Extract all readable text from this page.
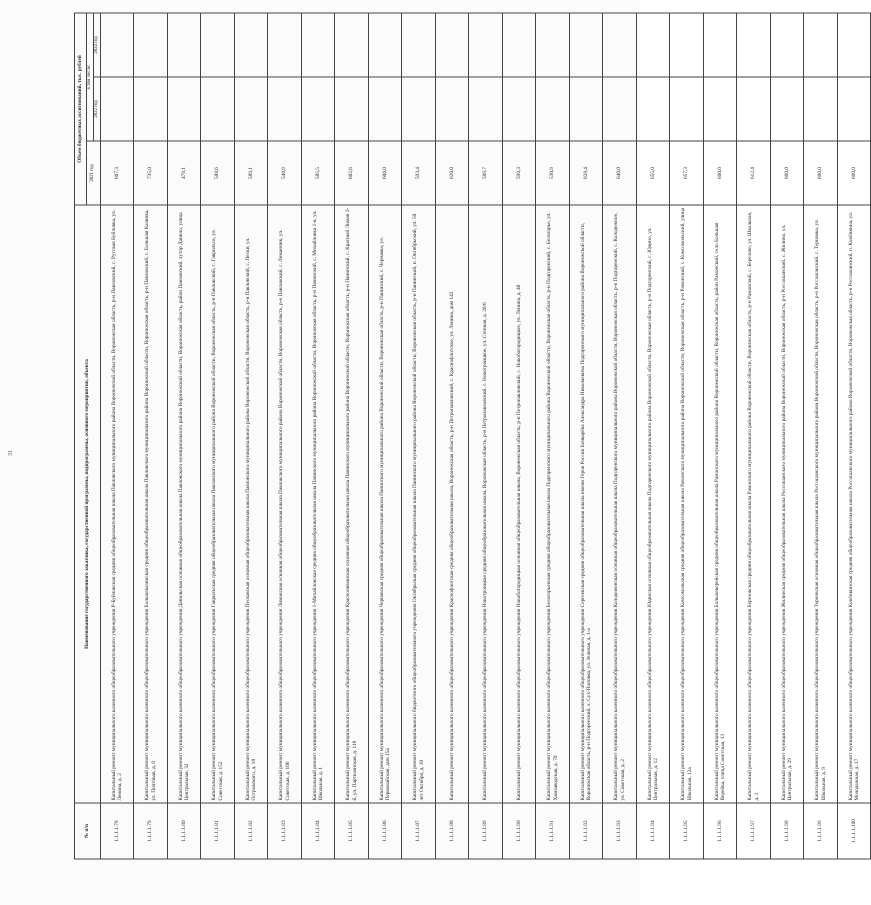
31
№ п/п	Наименование государственного заказчика, государственной программы, подпрограммы, основного мероприятия, объекта	Объем бюджетных ассигнований, тыс. рублей		
		2021 год	в том числе:	
			2022 год	2024 год
1.1.1.1.78	Капитальный ремонт муниципального казенного общеобразовательного учреждения Р-Буйловская средняя общеобразовательная школа Павловского муниципального района Воронежской области, Воронежская область, р-н Павловский, с. Русская Буйловка, ул. Ленина, д. 2	607,3		
1.1.1.1.79	Капитальный ремонт муниципального казенного общеобразовательного учреждения Большеказинская средняя общеобразовательная школа Павловского муниципального района Воронежской области, Воронежская область, р-н Павловский, с. Большая Казинка, ул. Почтовая, д. 8	735,0		
1.1.1.1.80	Капитальный ремонт муниципального казенного общеобразовательного учреждения Данильская основная общеобразовательная школа Павловского муниципального района Воронежской области, Воронежская область, район Павловский, хутор Данило, улица Центральная, 32	479,1		
1.1.1.1.81	Капитальный ремонт муниципального казенного общеобразовательного учреждения Гаврильская средняя общеобразовательная школа Павловского муниципального района Воронежской области, Воронежская область, р-н Павловский, с. Гаврильск, ул. Советская, д. 152	588,6		
1.1.1.1.82	Капитальный ремонт муниципального казенного общеобразовательного учреждения Песковская основная общеобразовательная школа Павловского муниципального района Воронежской области, Воронежская область, р-н Павловский, с. Пески, ул. Островского, д. 18	589,1		
1.1.1.1.83	Капитальный ремонт муниципального казенного общеобразовательного учреждения Лиманская основная общеобразовательная школа Павловского муниципального района Воронежской области, Воронежская область, р-н Павловский, с. Лиманчик, ул. Советская, д. 106	540,9		
1.1.1.1.84	Капитальный ремонт муниципального казенного общеобразовательного учреждения 1-Михайловская средняя общеобразовательная школа Панинского муниципального района Воронежской области, Воронежская область, р-н Панинский, с. Михайловка 1-я, ул. Школьная, д. 1	585,5		
1.1.1.1.85	Капитальный ремонт муниципального казенного общеобразовательного учреждения Краснолиманская основная общеобразовательная школа Панинского муниципального района Воронежской области, Воронежская область, р-н Панинский, с. Красный Лиман 2-й, ул. Партизанская, д. 118	602,6		
1.1.1.1.86	Капитальный ремонт муниципального казенного общеобразовательного учреждения Чернавская средняя общеобразовательная школа Панинского муниципального района Воронежской области, Воронежская область, р-н Панинский, с. Чернавка, ул. Первомайская, дом 15а	600,0		
1.1.1.1.87	Капитальный ремонт муниципального бюджетного общеобразовательного учреждения Октябрьская средняя общеобразовательная школа Панинского муниципального района Воронежской области, Воронежская область, р-н Панинский, п. Октябрьский, ул. 50 лет Октября, д. 39	593,4		
1.1.1.1.88	Капитальный ремонт муниципального казенного общеобразовательного учреждения Краснофлотская средняя общеобразовательная школа, Воронежская область, р-н Петропавловский, с. Краснофлотское, ул. Ленина, дом 142	620,0		
1.1.1.1.89	Капитальный ремонт муниципального казенного общеобразовательного учреждения Новотроицкая средняя общеобразовательная школа, Воронежская область, р-н Петропавловский, с. Новотроицкое, ул. Степная, д. 26/6	589,7		
1.1.1.1.90	Капитальный ремонт муниципального казенного общеобразовательного учреждения Новобогородицкая основная общеобразовательная школа, Воронежская область, р-н Петропавловский, с. Новобогородицкое, ул. Ленина, д. 40	590,3		
1.1.1.1.91	Капитальный ремонт муниципального казенного общеобразовательного учреждения Белогорьевская средняя общеобразовательная школа Подгоренского муниципального района Воронежской области, Воронежская область, р-н Подгоренский, с. Белогорье, ул. Химзаводская, д. 70	530,9		
1.1.1.1.92	Капитальный ремонт муниципального казенного общеобразовательного учреждения Сергеевская средняя общеобразовательная школа имени Героя России Бочкарёва Александра Николаевича Подгоренского муниципального района Воронежской области, Воронежская область, р-н Подгоренский, х. Сух-Поповка, ул. Зеленая, д. 1-а	828,4		
1.1.1.1.93	Капитальный ремонт муниципального казенного общеобразовательного учреждения Колодеженская основная общеобразовательная школа Подгоренского муниципального района Воронежской области, Воронежская область, р-н Подгоренский, с. Колодежное, ул. Советская, д. 2	640,0		
1.1.1.1.94	Капитальный ремонт муниципального казенного общеобразовательного учреждения Юдинская основная общеобразовательная школа Подгоренского муниципального района Воронежской области, Воронежская область, р-н Подгоренский, с. Юдино, ул. Центральная, д. 12	655,0		
1.1.1.1.95	Капитальный ремонт муниципального казенного общеобразовательного учреждения Комсомольская средняя общеобразовательная школа Рамонского муниципального района Воронежской области, Воронежская область, р-н Рамонский, с. Комсомольский, улица Школьная, 12а	657,3		
1.1.1.1.96	Капитальный ремонт муниципального казенного общеобразовательного учреждения Большеверейская средняя общеобразовательная школа Рамонского муниципального района Воронежской области, Воронежская область, район Рамонский, село Большая Верейка, улица Советская, 13	600,0		
1.1.1.1.97	Капитальный ремонт муниципального казенного общеобразовательного учреждения Березовская средняя общеобразовательная школа Рамонского муниципального района Воронежской области, Воронежская область, р-н Рамонский, с. Березово, ул. Школьная, д. 2	612,4		
1.1.1.1.98	Капитальный ремонт муниципального казенного общеобразовательного учреждения Жилинская средняя общеобразовательная школа Россошанского муниципального района Воронежской области, Воронежская область, р-н Россошанский, с. Жилино, ул. Центральная, д. 29	600,0		
1.1.1.1.99	Капитальный ремонт муниципального казенного общеобразовательного учреждения Терновская основная общеобразовательная школа Россошанского муниципального района Воронежской области, Воронежская область, р-н Россошанский, с. Терновка, ул. Школьная, д. 9	600,0		
1.1.1.1.100	Капитальный ремонт муниципального казенного общеобразовательного учреждения Копёнкинская средняя общеобразовательная школа Россошанского муниципального района Воронежской области, Воронежская область, р-н Россошанский, п. Копёнкина, ул. Молодежная, д. 17	600,0		
